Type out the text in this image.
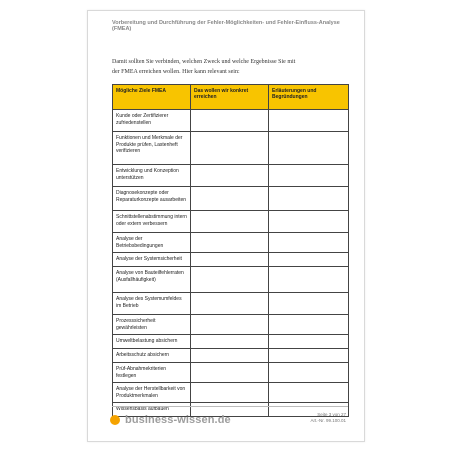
Vorbereitung und Durchführung der Fehler-Möglichkeiten- und Fehler-Einfluss-Analyse (FMEA)
Damit sollten Sie verbinden, welchen Zweck und welche Ergebnisse Sie mit
der FMEA erreichen wollen. Hier kann relevant sein:
Mögliche Ziele FMEA	Das wollen wir konkret erreichen	Erläuterungen und Begründungen
Kunde oder Zertifizierer zufriedenstellen		
Funktionen und Merkmale der Produkte prüfen, Lastenheft verifizieren		
Entwicklung und Konzeption unterstützen		
Diagnosekonzepte oder Reparaturkonzepte ausarbeiten		
Schnittstellenabstimmung intern oder extern verbessern		
Analyse der Betriebsbedingungen		
Analyse der Systemsicherheit		
Analyse von Bauteilfehlerraten (Ausfallhäufigkeit)		
Analyse des Systemumfeldes im Betrieb		
Prozesssicherheit gewährleisten		
Umweltbelastung absichern		
Arbeitsschutz absichern		
Prüf-Abnahmekriterien festlegen		
Analyse der Herstellbarkeit von Produktmerkmalen		
Wissensbasis aufbauen		
business-wissen.de	Seite 3 von 27
Art.-Nr. 99.100.01
